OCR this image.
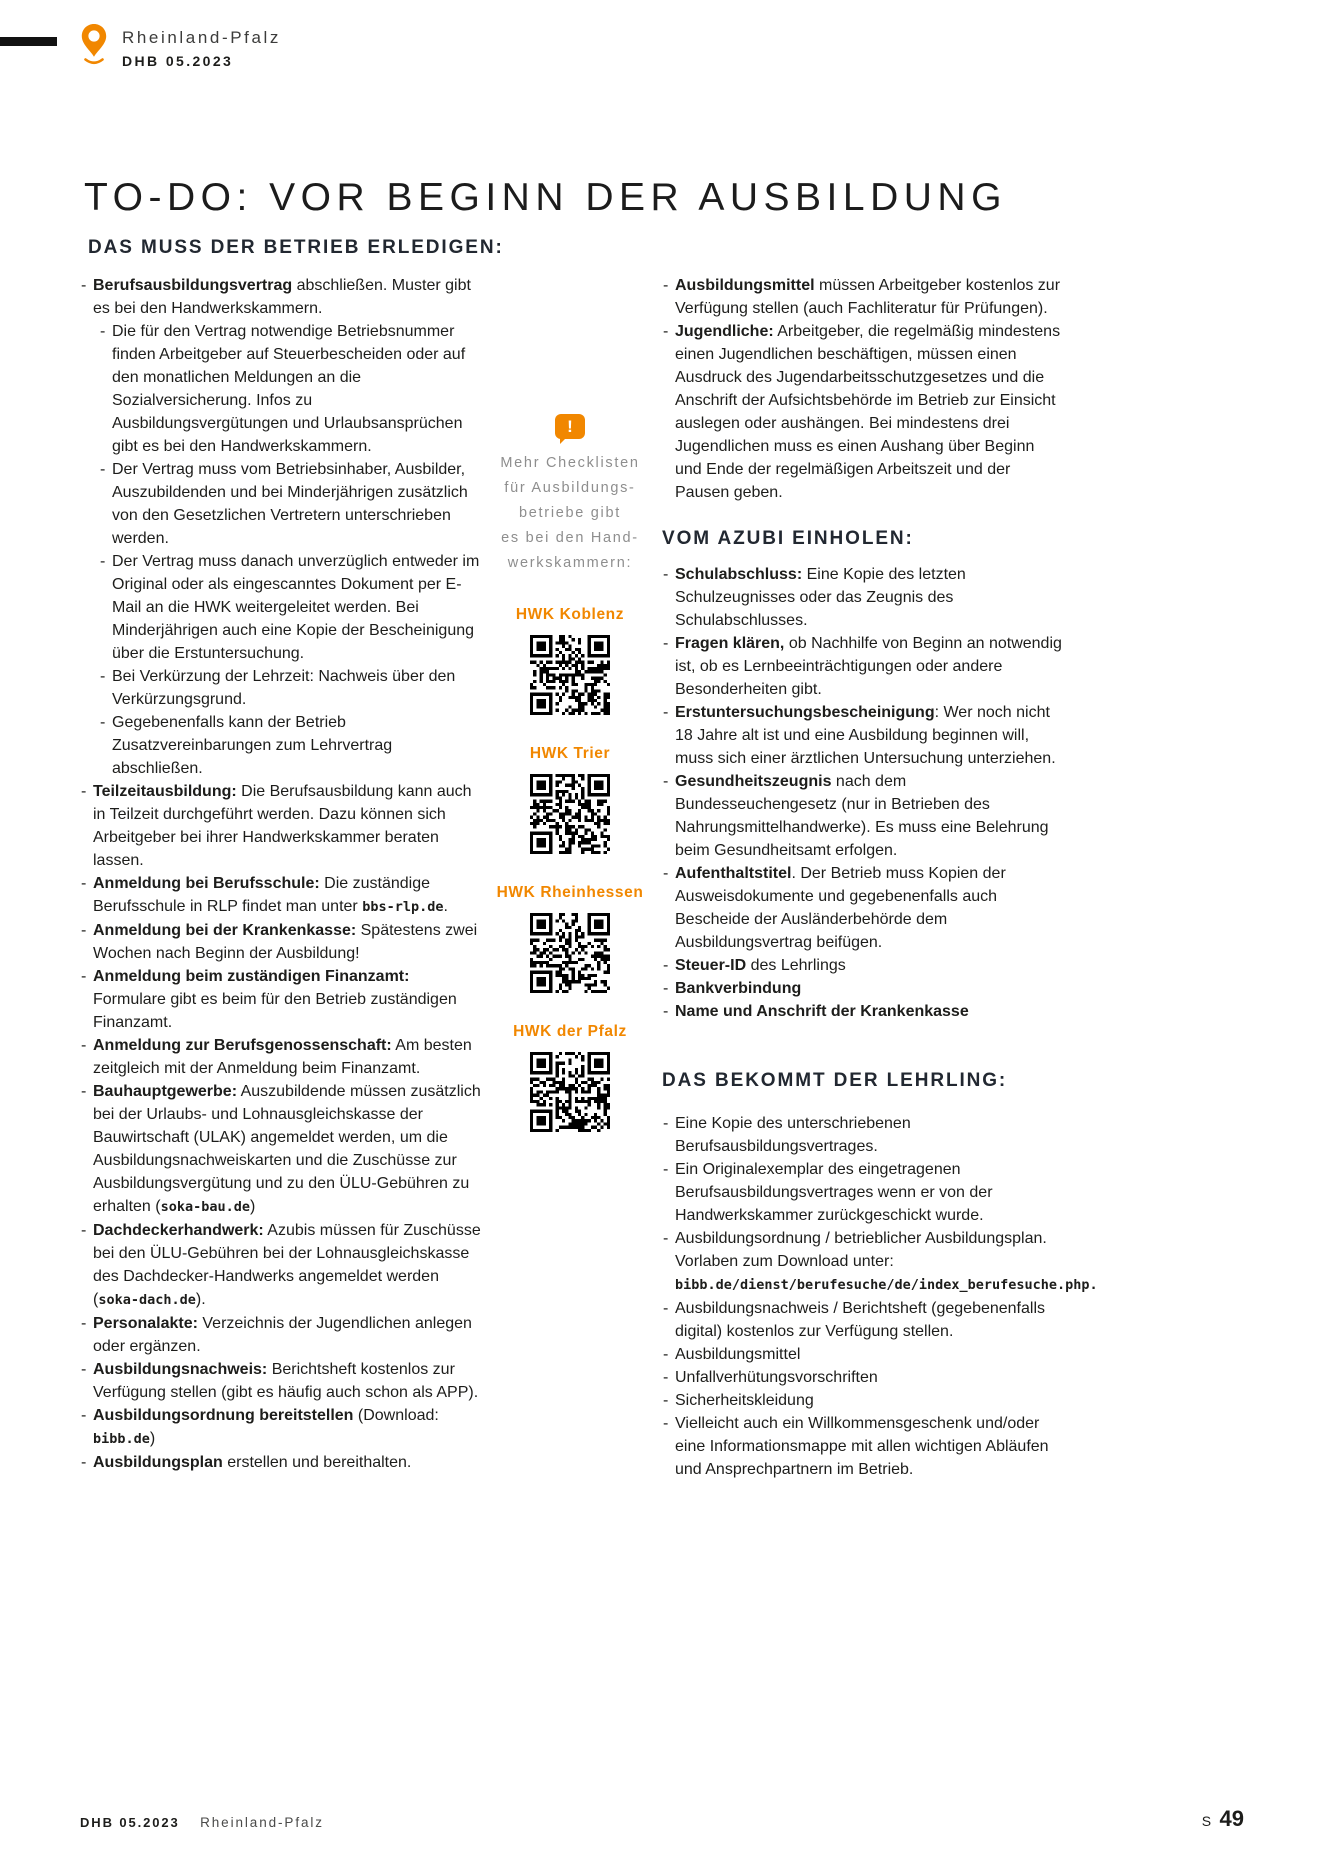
Rheinland-Pfalz
DHB 05.2023
TO-DO: VOR BEGINN DER AUSBILDUNG
DAS MUSS DER BETRIEB ERLEDIGEN:
- Berufsausbildungsvertrag abschließen. Muster gibt es bei den Handwerkskammern.
- Die für den Vertrag notwendige Betriebsnummer finden Arbeitgeber auf Steuerbescheiden oder auf den monatlichen Meldungen an die Sozialversicherung. Infos zu Ausbildungsvergütungen und Urlaubsansprüchen gibt es bei den Handwerkskammern.
- Der Vertrag muss vom Betriebsinhaber, Ausbilder, Auszubildenden und bei Minderjährigen zusätzlich von den Gesetzlichen Vertretern unterschrieben werden.
- Der Vertrag muss danach unverzüglich entweder im Original oder als eingescanntes Dokument per E-Mail an die HWK weitergeleitet werden. Bei Minderjährigen auch eine Kopie der Bescheinigung über die Erstuntersuchung.
- Bei Verkürzung der Lehrzeit: Nachweis über den Verkürzungsgrund.
- Gegebenenfalls kann der Betrieb Zusatzvereinbarungen zum Lehrvertrag abschließen.
- Teilzeitausbildung: Die Berufsausbildung kann auch in Teilzeit durchgeführt werden. Dazu können sich Arbeitgeber bei ihrer Handwerkskammer beraten lassen.
- Anmeldung bei Berufsschule: Die zuständige Berufsschule in RLP findet man unter bbs-rlp.de.
- Anmeldung bei der Krankenkasse: Spätestens zwei Wochen nach Beginn der Ausbildung!
- Anmeldung beim zuständigen Finanzamt: Formulare gibt es beim für den Betrieb zuständigen Finanzamt.
- Anmeldung zur Berufsgenossenschaft: Am besten zeitgleich mit der Anmeldung beim Finanzamt.
- Bauhauptgewerbe: Auszubildende müssen zusätzlich bei der Urlaubs- und Lohnausgleichskasse der Bauwirtschaft (ULAK) angemeldet werden, um die Ausbildungsnachweiskarten und die Zuschüsse zur Ausbildungsvergütung und zu den ÜLU-Gebühren zu erhalten (soka-bau.de)
- Dachdeckerhandwerk: Azubis müssen für Zuschüsse bei den ÜLU-Gebühren bei der Lohnausgleichskasse des Dachdecker-Handwerks angemeldet werden (soka-dach.de).
- Personalakte: Verzeichnis der Jugendlichen anlegen oder ergänzen.
- Ausbildungsnachweis: Berichtsheft kostenlos zur Verfügung stellen (gibt es häufig auch schon als APP).
- Ausbildungsordnung bereitstellen (Download: bibb.de)
- Ausbildungsplan erstellen und bereithalten.
!
Mehr Checklisten
für Ausbildungs-
betriebe gibt
es bei den Hand-
werkskammern:
HWK Koblenz
HWK Trier
HWK Rheinhessen
HWK der Pfalz
- Ausbildungsmittel müssen Arbeitgeber kostenlos zur Verfügung stellen (auch Fachliteratur für Prüfungen).
- Jugendliche: Arbeitgeber, die regelmäßig mindestens einen Jugendlichen beschäftigen, müssen einen Ausdruck des Jugendarbeitsschutzgesetzes und die Anschrift der Aufsichtsbehörde im Betrieb zur Einsicht auslegen oder aushängen. Bei mindestens drei Jugendlichen muss es einen Aushang über Beginn und Ende der regelmäßigen Arbeitszeit und der Pausen geben.
VOM AZUBI EINHOLEN:
- Schulabschluss: Eine Kopie des letzten Schulzeugnisses oder das Zeugnis des Schulabschlusses.
- Fragen klären, ob Nachhilfe von Beginn an notwendig ist, ob es Lernbeeinträchtigungen oder andere Besonderheiten gibt.
- Erstuntersuchungsbescheinigung: Wer noch nicht 18 Jahre alt ist und eine Ausbildung beginnen will, muss sich einer ärztlichen Untersuchung unterziehen.
- Gesundheitszeugnis nach dem Bundesseuchengesetz (nur in Betrieben des Nahrungsmittelhandwerke). Es muss eine Belehrung beim Gesundheitsamt erfolgen.
- Aufenthaltstitel. Der Betrieb muss Kopien der Ausweisdokumente und gegebenenfalls auch Bescheide der Ausländerbehörde dem Ausbildungsvertrag beifügen.
- Steuer-ID des Lehrlings
- Bankverbindung
- Name und Anschrift der Krankenkasse
DAS BEKOMMT DER LEHRLING:
- Eine Kopie des unterschriebenen Berufsausbildungsvertrages.
- Ein Originalexemplar des eingetragenen Berufsausbildungsvertrages wenn er von der Handwerkskammer zurückgeschickt wurde.
- Ausbildungsordnung / betrieblicher Ausbildungsplan. Vorlaben zum Download unter: bibb.de/dienst/berufesuche/de/index_berufesuche.php.
- Ausbildungsnachweis / Berichtsheft (gegebenenfalls digital) kostenlos zur Verfügung stellen.
- Ausbildungsmittel
- Unfallverhütungsvorschriften
- Sicherheitskleidung
- Vielleicht auch ein Willkommensgeschenk und/oder eine Informationsmappe mit allen wichtigen Abläufen und Ansprechpartnern im Betrieb.
DHB 05.2023 Rheinland-Pfalz	S 49
